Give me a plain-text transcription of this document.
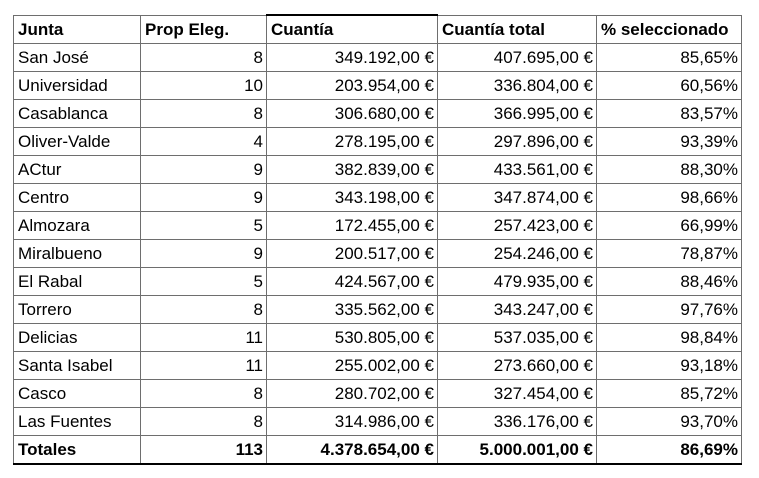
Junta	Prop Eleg.	Cuantía	Cuantía total	% seleccionado
San José	8	349.192,00 €	407.695,00 €	85,65%
Universidad	10	203.954,00 €	336.804,00 €	60,56%
Casablanca	8	306.680,00 €	366.995,00 €	83,57%
Oliver-Valde	4	278.195,00 €	297.896,00 €	93,39%
ACtur	9	382.839,00 €	433.561,00 €	88,30%
Centro	9	343.198,00 €	347.874,00 €	98,66%
Almozara	5	172.455,00 €	257.423,00 €	66,99%
Miralbueno	9	200.517,00 €	254.246,00 €	78,87%
El Rabal	5	424.567,00 €	479.935,00 €	88,46%
Torrero	8	335.562,00 €	343.247,00 €	97,76%
Delicias	11	530.805,00 €	537.035,00 €	98,84%
Santa Isabel	11	255.002,00 €	273.660,00 €	93,18%
Casco	8	280.702,00 €	327.454,00 €	85,72%
Las Fuentes	8	314.986,00 €	336.176,00 €	93,70%
Totales	113	4.378.654,00 €	5.000.001,00 €	86,69%
